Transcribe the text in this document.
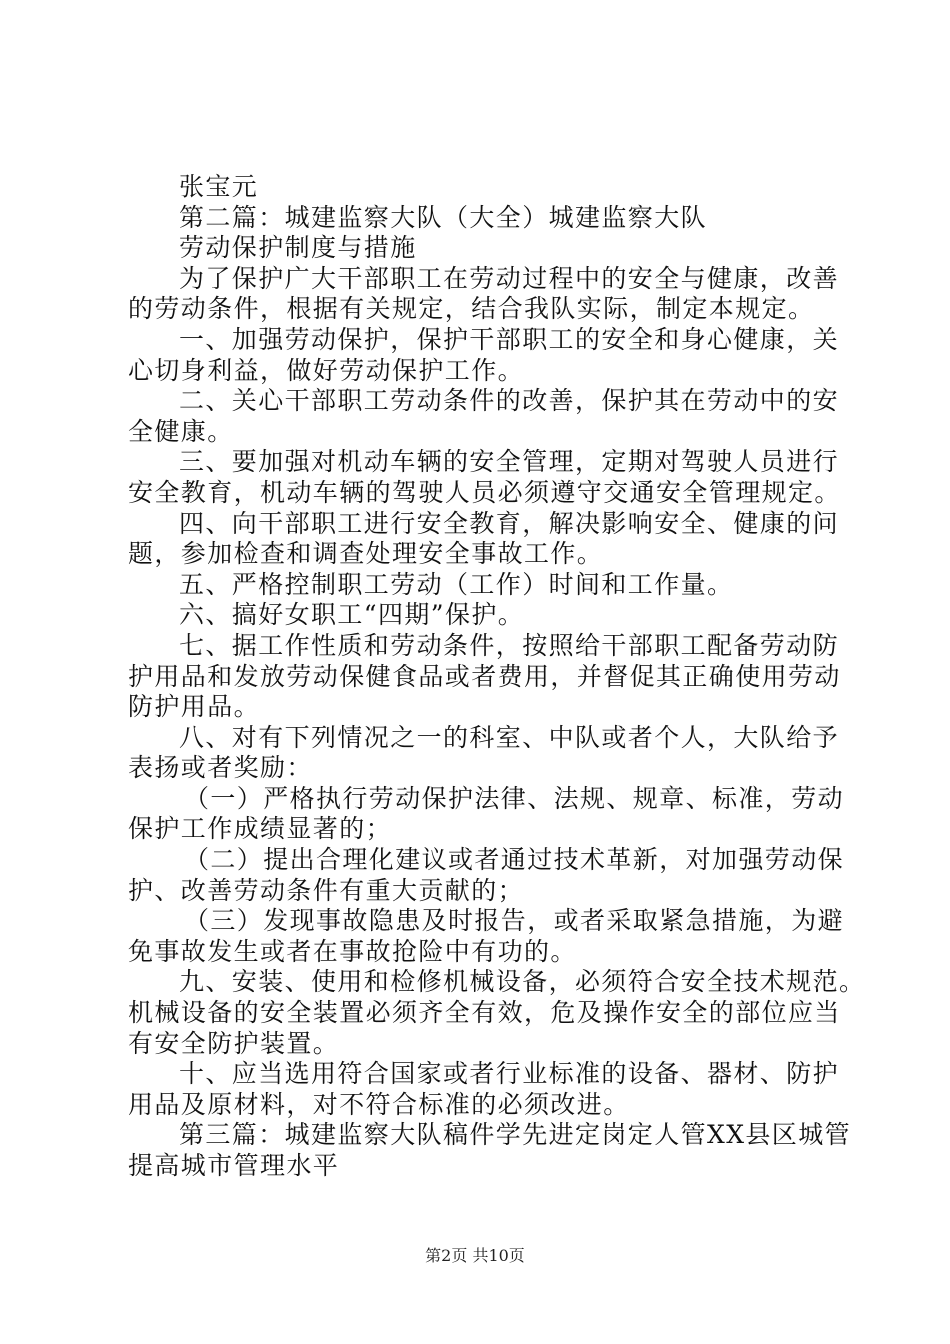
张宝元
第二篇：城建监察大队（大全）城建监察大队
劳动保护制度与措施
为了保护广大干部职工在劳动过程中的安全与健康，改善
的劳动条件，根据有关规定，结合我队实际，制定本规定。
一、加强劳动保护，保护干部职工的安全和身心健康，关
心切身利益，做好劳动保护工作。
二、关心干部职工劳动条件的改善，保护其在劳动中的安
全健康。
三、要加强对机动车辆的安全管理，定期对驾驶人员进行
安全教育，机动车辆的驾驶人员必须遵守交通安全管理规定。
四、向干部职工进行安全教育，解决影响安全、健康的问
题，参加检查和调查处理安全事故工作。
五、严格控制职工劳动（工作）时间和工作量。
六、搞好女职工“四期”保护。
七、据工作性质和劳动条件，按照给干部职工配备劳动防
护用品和发放劳动保健食品或者费用，并督促其正确使用劳动
防护用品。
八、对有下列情况之一的科室、中队或者个人，大队给予
表扬或者奖励：
（一）严格执行劳动保护法律、法规、规章、标准，劳动
保护工作成绩显著的；
（二）提出合理化建议或者通过技术革新，对加强劳动保
护、改善劳动条件有重大贡献的；
（三）发现事故隐患及时报告，或者采取紧急措施，为避
免事故发生或者在事故抢险中有功的。
九、安装、使用和检修机械设备，必须符合安全技术规范。
机械设备的安全装置必须齐全有效，危及操作安全的部位应当
有安全防护装置。
十、应当选用符合国家或者行业标准的设备、器材、防护
用品及原材料，对不符合标准的必须改进。
第三篇：城建监察大队稿件学先进定岗定人管XX县区城管
提高城市管理水平
第2页 共10页
